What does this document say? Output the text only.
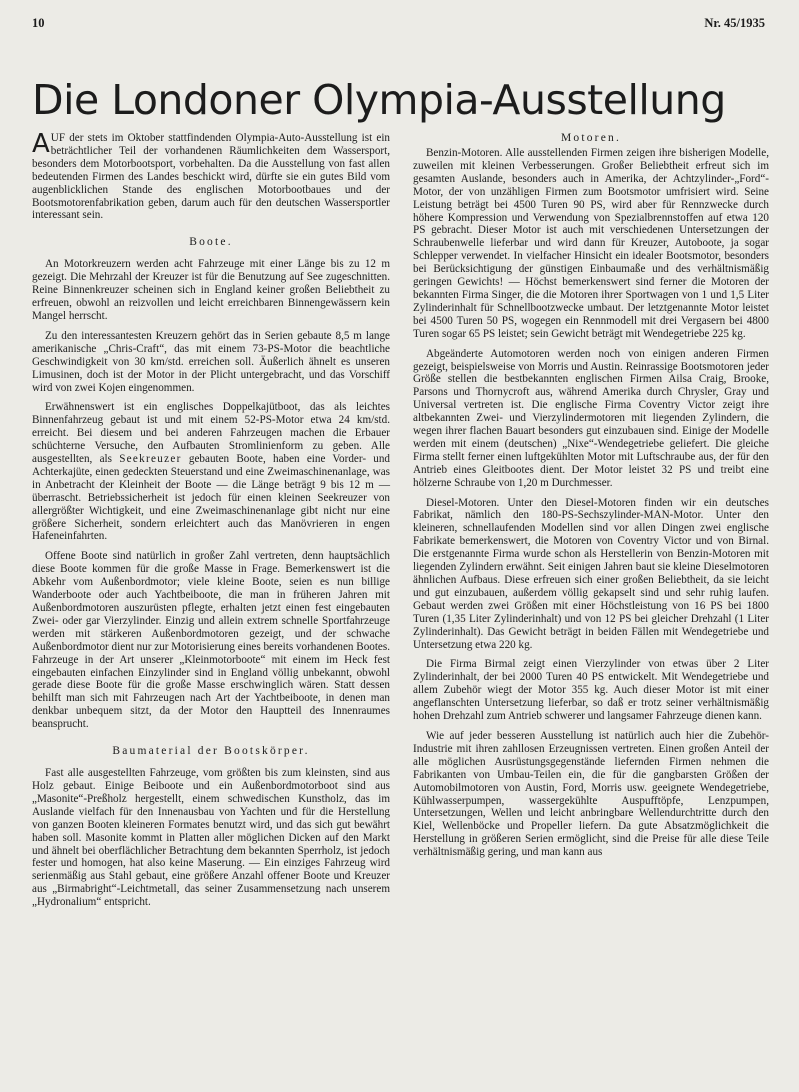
10	Nr. 45/1935
Die Londoner Olympia-Ausstellung

AUF der stets im Oktober stattfindenden Olympia-Auto-Ausstellung ist ein beträchtlicher Teil der vorhandenen Räumlichkeiten dem Wassersport, besonders dem Motorbootsport, vorbehalten. Da die Ausstellung von fast allen bedeutenden Firmen des Landes beschickt wird, dürfte sie ein gutes Bild vom augenblicklichen Stande des englischen Motorbootbaues und der Bootsmotorenfabrikation geben, darum auch für den deutschen Wassersportler interessant sein.

Boote.

An Motorkreuzern werden acht Fahrzeuge mit einer Länge bis zu 12 m gezeigt. Die Mehrzahl der Kreuzer ist für die Benutzung auf See zugeschnitten. Reine Binnenkreuzer scheinen sich in England keiner großen Beliebtheit zu erfreuen, obwohl an reizvollen und leicht erreichbaren Binnengewässern kein Mangel herrscht.

Zu den interessantesten Kreuzern gehört das in Serien gebaute 8,5 m lange amerikanische „Chris-Craft“, das mit einem 73-PS-Motor die beachtliche Geschwindigkeit von 30 km/std. erreichen soll. Äußerlich ähnelt es unseren Limusinen, doch ist der Motor in der Plicht untergebracht, und das Vorschiff wird von zwei Kojen eingenommen.

Erwähnenswert ist ein englisches Doppelkajütboot, das als leichtes Binnenfahrzeug gebaut ist und mit einem 52-PS-Motor etwa 24 km/std. erreicht. Bei diesem und bei anderen Fahrzeugen machen die Erbauer schüchterne Versuche, den Aufbauten Stromlinienform zu geben. Alle ausgestellten, als Seekreuzer gebauten Boote, haben eine Vorder- und Achterkajüte, einen gedeckten Steuerstand und eine Zweimaschinenanlage, was in Anbetracht der Kleinheit der Boote — die Länge beträgt 9 bis 12 m — überrascht. Betriebssicherheit ist jedoch für einen kleinen Seekreuzer von allergrößter Wichtigkeit, und eine Zweimaschinenanlage gibt nicht nur eine größere Sicherheit, sondern erleichtert auch das Manövrieren in engen Hafeneinfahrten.

Offene Boote sind natürlich in großer Zahl vertreten, denn hauptsächlich diese Boote kommen für die große Masse in Frage. Bemerkenswert ist die Abkehr vom Außenbordmotor; viele kleine Boote, seien es nun billige Wanderboote oder auch Yachtbeiboote, die man in früheren Jahren mit Außenbordmotoren auszurüsten pflegte, erhalten jetzt einen fest eingebauten Zwei- oder gar Vierzylinder. Einzig und allein extrem schnelle Sportfahrzeuge werden mit stärkeren Außenbordmotoren gezeigt, und der schwache Außenbordmotor dient nur zur Motorisierung eines bereits vorhandenen Bootes. Fahrzeuge in der Art unserer „Kleinmotorboote“ mit einem im Heck fest eingebauten einfachen Einzylinder sind in England völlig unbekannt, obwohl gerade diese Boote für die große Masse erschwinglich wären. Statt dessen behilft man sich mit Fahrzeugen nach Art der Yachtbeiboote, in denen man denkbar unbequem sitzt, da der Motor den Hauptteil des Innenraumes beansprucht.

Baumaterial der Bootskörper.

Fast alle ausgestellten Fahrzeuge, vom größten bis zum kleinsten, sind aus Holz gebaut. Einige Beiboote und ein Außenbordmotorboot sind aus „Masonite“-Preßholz hergestellt, einem schwedischen Kunstholz, das im Auslande vielfach für den Innenausbau von Yachten und für die Herstellung von ganzen Booten kleineren Formates benutzt wird, und das sich gut bewährt haben soll. Masonite kommt in Platten aller möglichen Dicken auf den Markt und ähnelt bei oberflächlicher Betrachtung dem bekannten Sperrholz, ist jedoch fester und homogen, hat also keine Maserung. — Ein einziges Fahrzeug wird serienmäßig aus Stahl gebaut, eine größere Anzahl offener Boote und Kreuzer aus „Birmabright“-Leichtmetall, das seiner Zusammensetzung nach unserem „Hydronalium“ entspricht.

Motoren.

Benzin-Motoren. Alle ausstellenden Firmen zeigen ihre bisherigen Modelle, zuweilen mit kleinen Verbesserungen. Großer Beliebtheit erfreut sich im gesamten Auslande, besonders auch in Amerika, der Achtzylinder-„Ford“-Motor, der von unzähligen Firmen zum Bootsmotor umfrisiert wird. Seine Leistung beträgt bei 4500 Turen 90 PS, wird aber für Rennzwecke durch höhere Kompression und Verwendung von Spezialbrennstoffen auf etwa 120 PS gebracht. Dieser Motor ist auch mit verschiedenen Untersetzungen der Schraubenwelle lieferbar und wird dann für Kreuzer, Autoboote, ja sogar Schlepper verwendet. In vielfacher Hinsicht ein idealer Bootsmotor, besonders bei Berücksichtigung der günstigen Einbaumaße und des verhältnismäßig geringen Gewichts! — Höchst bemerkenswert sind ferner die Motoren der bekannten Firma Singer, die die Motoren ihrer Sportwagen von 1 und 1,5 Liter Zylinderinhalt für Schnellbootzwecke umbaut. Der letztgenannte Motor leistet bei 4500 Turen 50 PS, wogegen ein Rennmodell mit drei Vergasern bei 4800 Turen sogar 65 PS leistet; sein Gewicht beträgt mit Wendegetriebe 225 kg.

Abgeänderte Automotoren werden noch von einigen anderen Firmen gezeigt, beispielsweise von Morris und Austin. Reinrassige Bootsmotoren jeder Größe stellen die bestbekannten englischen Firmen Ailsa Craig, Brooke, Parsons und Thornycroft aus, während Amerika durch Chrysler, Gray und Universal vertreten ist. Die englische Firma Coventry Victor zeigt ihre altbekannten Zwei- und Vierzylindermotoren mit liegenden Zylindern, die wegen ihrer flachen Bauart besonders gut einzubauen sind. Einige der Modelle werden mit einem (deutschen) „Nixe“-Wendegetriebe geliefert. Die gleiche Firma stellt ferner einen luftgekühlten Motor mit Luftschraube aus, der für den Antrieb eines Gleitbootes dient. Der Motor leistet 32 PS und treibt eine hölzerne Schraube von 1,20 m Durchmesser.

Diesel-Motoren. Unter den Diesel-Motoren finden wir ein deutsches Fabrikat, nämlich den 180-PS-Sechszylinder-MAN-Motor. Unter den kleineren, schnellaufenden Modellen sind vor allen Dingen zwei englische Fabrikate bemerkenswert, die Motoren von Coventry Victor und von Birnal. Die erstgenannte Firma wurde schon als Herstellerin von Benzin-Motoren mit liegenden Zylindern erwähnt. Seit einigen Jahren baut sie kleine Dieselmotoren ähnlichen Aufbaus. Diese erfreuen sich einer großen Beliebtheit, da sie leicht und gut einzubauen, außerdem völlig gekapselt sind und sehr ruhig laufen. Gebaut werden zwei Größen mit einer Höchstleistung von 16 PS bei 1800 Turen (1,35 Liter Zylinderinhalt) und von 12 PS bei gleicher Drehzahl (1 Liter Zylinderinhalt). Das Gewicht beträgt in beiden Fällen mit Wendegetriebe und Untersetzung etwa 220 kg.

Die Firma Birmal zeigt einen Vierzylinder von etwas über 2 Liter Zylinderinhalt, der bei 2000 Turen 40 PS entwickelt. Mit Wendegetriebe und allem Zubehör wiegt der Motor 355 kg. Auch dieser Motor ist mit einer angeflanschten Untersetzung lieferbar, so daß er trotz seiner verhältnismäßig hohen Drehzahl zum Antrieb schwerer und langsamer Fahrzeuge dienen kann.

Wie auf jeder besseren Ausstellung ist natürlich auch hier die Zubehör-Industrie mit ihren zahllosen Erzeugnissen vertreten. Einen großen Anteil der alle möglichen Ausrüstungsgegenstände liefernden Firmen nehmen die Fabrikanten von Umbau-Teilen ein, die für die gangbarsten Größen der Automobilmotoren von Austin, Ford, Morris usw. geeignete Wendegetriebe, Kühlwasserpumpen, wassergekühlte Auspufftöpfe, Lenzpumpen, Untersetzungen, Wellen und leicht anbringbare Wellendurchtritte durch den Kiel, Wellenböcke und Propeller liefern. Da gute Absatzmöglichkeit die Herstellung in größeren Serien ermöglicht, sind die Preise für alle diese Teile verhältnismäßig gering, und man kann aus
